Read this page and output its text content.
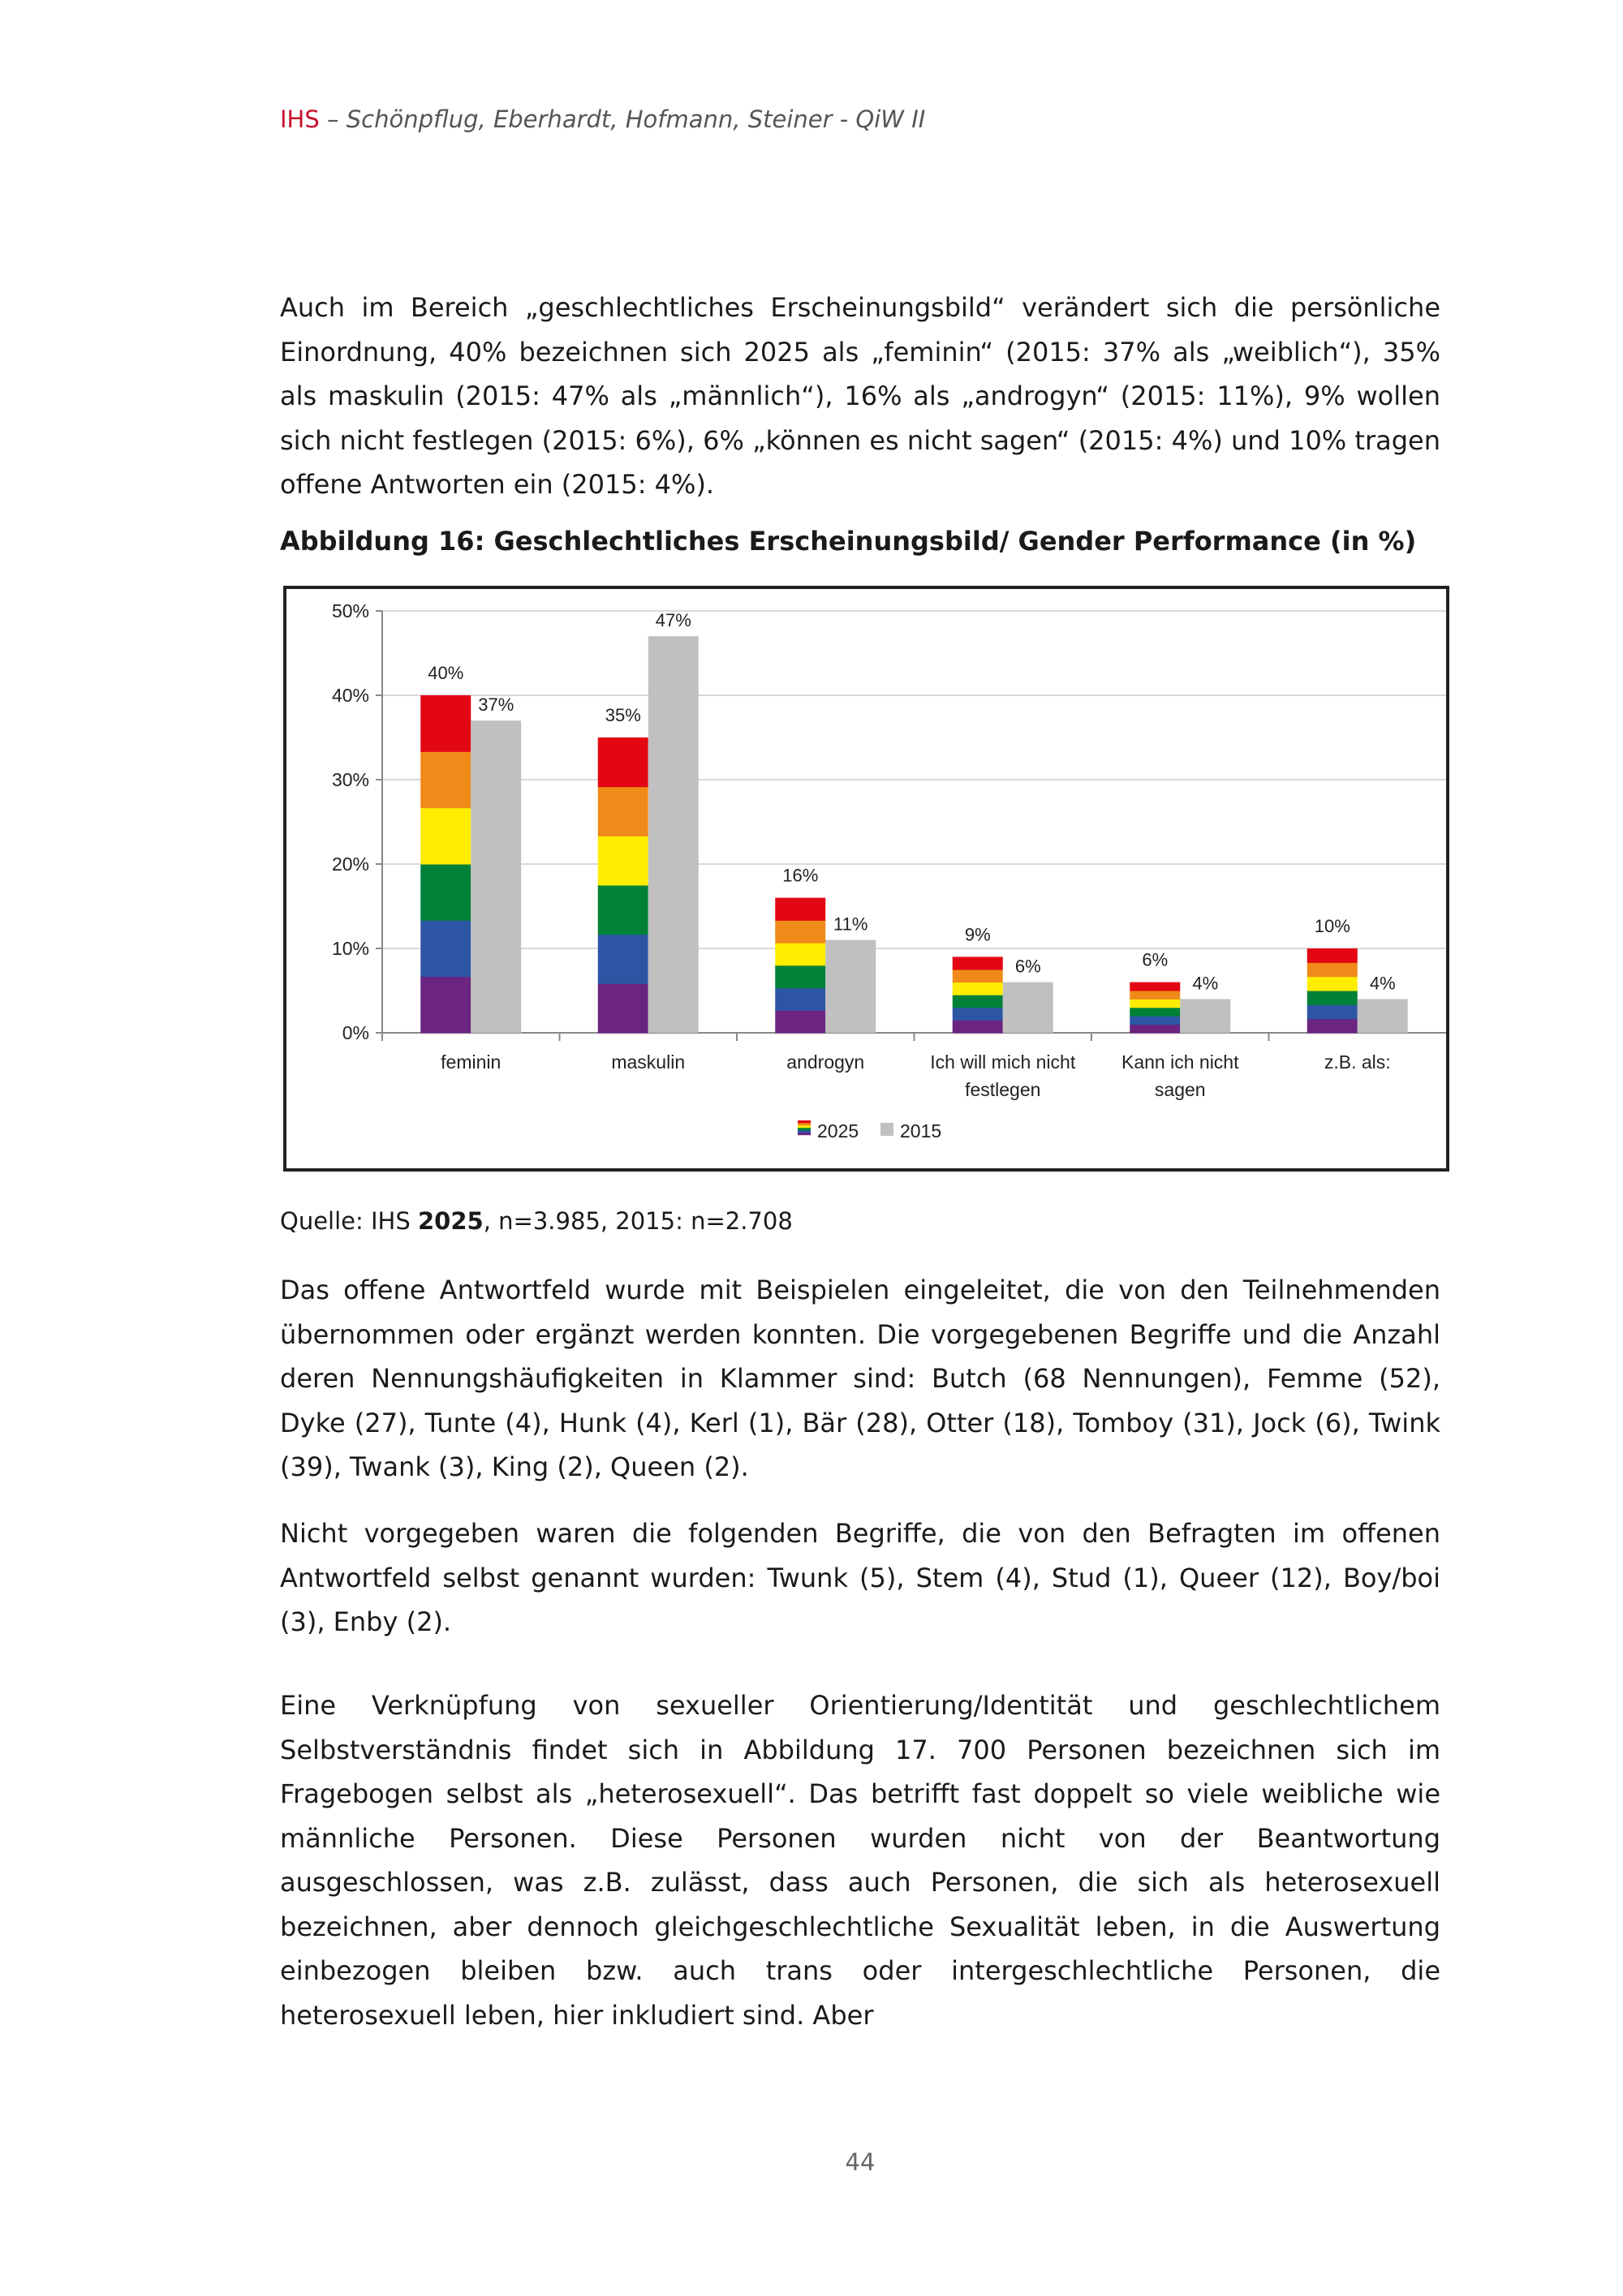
IHS – Schönpflug, Eberhardt, Hofmann, Steiner - QiW II
Auch im Bereich „geschlechtliches Erscheinungsbild“ verändert sich die persönliche Einordnung, 40% bezeichnen sich 2025 als „feminin“ (2015: 37% als „weiblich“), 35% als maskulin (2015: 47% als „männlich“), 16% als „androgyn“ (2015: 11%), 9% wollen sich nicht festlegen (2015: 6%), 6% „können es nicht sagen“ (2015: 4%) und 10% tragen offene Antworten ein (2015: 4%).
Abbildung 16: Geschlechtliches Erscheinungsbild/ Gender Performance (in %)
0%
10%
20%
30%
40%
50%
40%
37%
feminin
35%
47%
maskulin
16%
11%
androgyn
9%
6%
Ich will mich nicht
festlegen
6%
4%
Kann ich nicht
sagen
10%
4%
z.B. als:
2025 2015
Quelle: IHS 2025, n=3.985, 2015: n=2.708
Das offene Antwortfeld wurde mit Beispielen eingeleitet, die von den Teilnehmenden übernommen oder ergänzt werden konnten. Die vorgegebenen Begriffe und die Anzahl deren Nennungshäufigkeiten in Klammer sind: Butch (68 Nennungen), Femme (52), Dyke (27), Tunte (4), Hunk (4), Kerl (1), Bär (28), Otter (18), Tomboy (31), Jock (6), Twink (39), Twank (3), King (2), Queen (2).
Nicht vorgegeben waren die folgenden Begriffe, die von den Befragten im offenen Antwortfeld selbst genannt wurden: Twunk (5), Stem (4), Stud (1), Queer (12), Boy/boi (3), Enby (2).
Eine Verknüpfung von sexueller Orientierung/Identität und geschlechtlichem Selbstverständnis findet sich in Abbildung 17. 700 Personen bezeichnen sich im Fragebogen selbst als „heterosexuell“. Das betrifft fast doppelt so viele weibliche wie männliche Personen. Diese Personen wurden nicht von der Beantwortung ausgeschlossen, was z.B. zulässt, dass auch Personen, die sich als heterosexuell bezeichnen, aber dennoch gleichgeschlechtliche Sexualität leben, in die Auswertung einbezogen bleiben bzw. auch trans oder intergeschlechtliche Personen, die heterosexuell leben, hier inkludiert sind. Aber
44
